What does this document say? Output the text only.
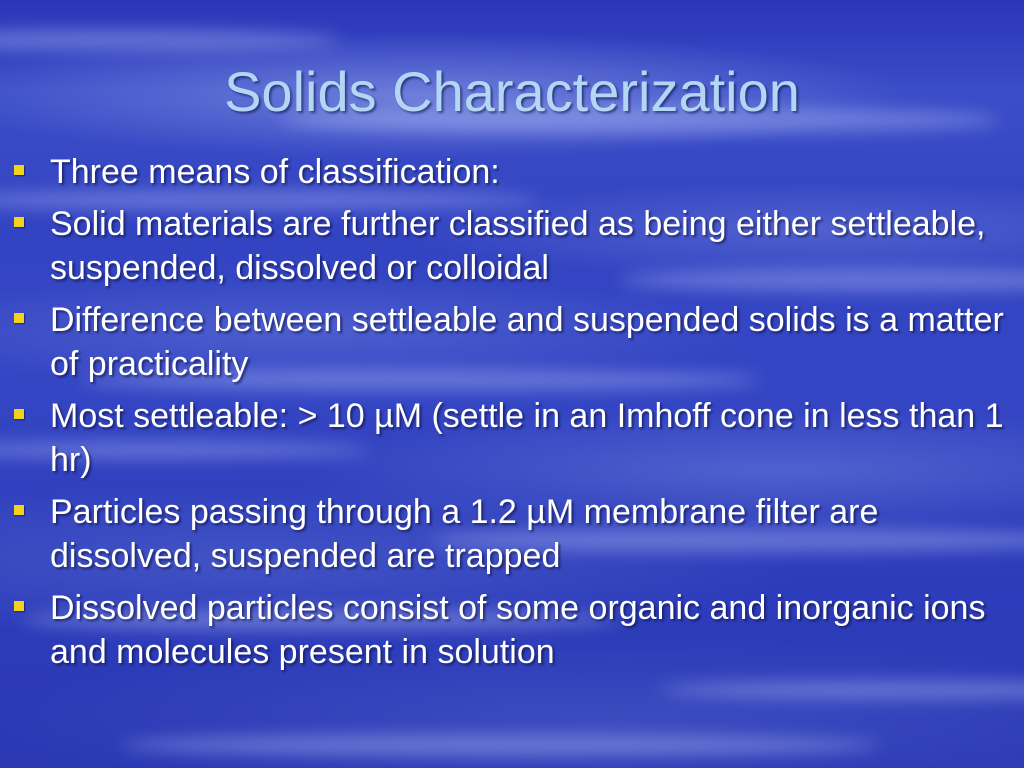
Solids Characterization
Three means of classification:
Solid materials are further classified as being either settleable, suspended, dissolved or colloidal
Difference between settleable and suspended solids is a matter of practicality
Most settleable: > 10 µM (settle in an Imhoff cone in less than 1 hr)
Particles passing through a 1.2 µM membrane filter are dissolved, suspended are trapped
Dissolved particles consist of some organic and inorganic ions and molecules present in solution
